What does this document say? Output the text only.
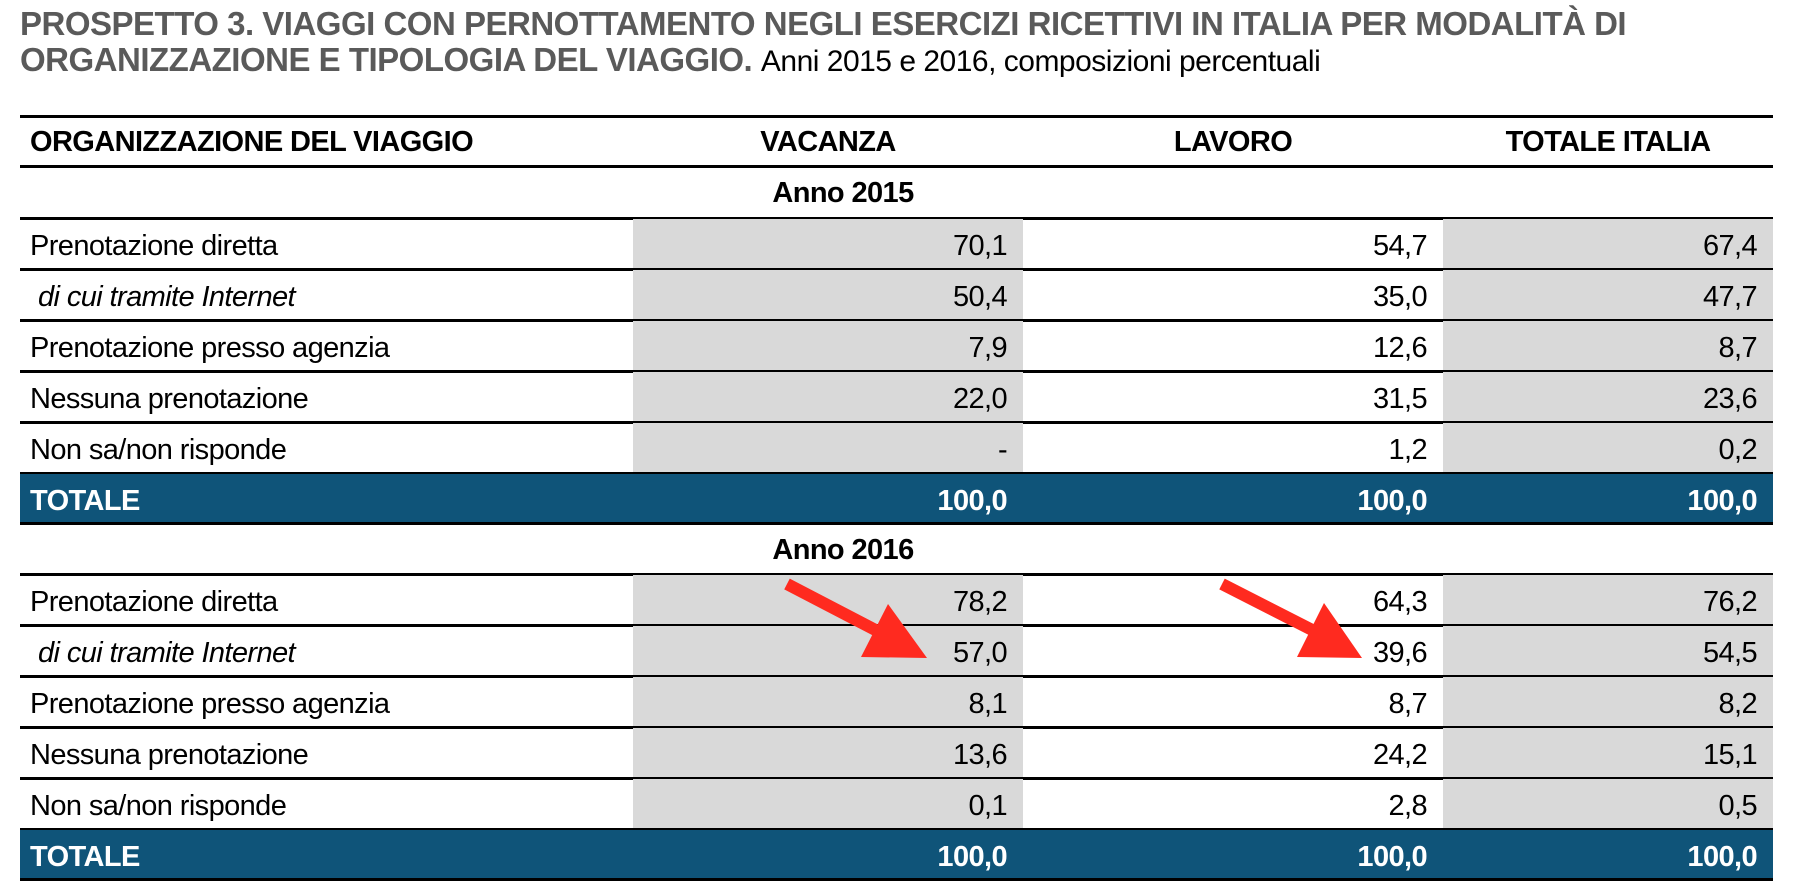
PROSPETTO 3. VIAGGI CON PERNOTTAMENTO NEGLI ESERCIZI RICETTIVI IN ITALIA PER MODALITÀ DI ORGANIZZAZIONE E TIPOLOGIA DEL VIAGGIO. Anni 2015 e 2016, composizioni percentuali
ORGANIZZAZIONE DEL VIAGGIO	VACANZA	LAVORO	TOTALE ITALIA
Anno 2015
Prenotazione diretta	70,1	54,7	67,4
di cui tramite Internet	50,4	35,0	47,7
Prenotazione presso agenzia	7,9	12,6	8,7
Nessuna prenotazione	22,0	31,5	23,6
Non sa/non risponde	-	1,2	0,2
TOTALE	100,0	100,0	100,0
Anno 2016
Prenotazione diretta	78,2	64,3	76,2
di cui tramite Internet	57,0	39,6	54,5
Prenotazione presso agenzia	8,1	8,7	8,2
Nessuna prenotazione	13,6	24,2	15,1
Non sa/non risponde	0,1	2,8	0,5
TOTALE	100,0	100,0	100,0
